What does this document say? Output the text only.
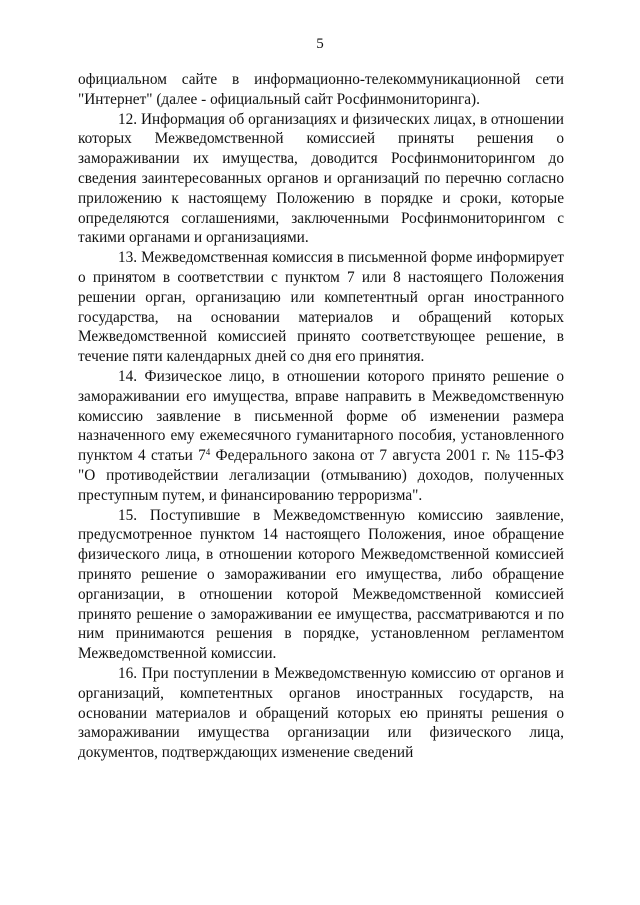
5

официальном сайте в информационно-телекоммуникационной сети "Интернет" (далее - официальный сайт Росфинмониторинга).

12. Информация об организациях и физических лицах, в отношении которых Межведомственной комиссией приняты решения о замораживании их имущества, доводится Росфинмониторингом до сведения заинтересованных органов и организаций по перечню согласно приложению к настоящему Положению в порядке и сроки, которые определяются соглашениями, заключенными Росфинмониторингом с такими органами и организациями.

13. Межведомственная комиссия в письменной форме информирует о принятом в соответствии с пунктом 7 или 8 настоящего Положения решении орган, организацию или компетентный орган иностранного государства, на основании материалов и обращений которых Межведомственной комиссией принято соответствующее решение, в течение пяти календарных дней со дня его принятия.

14. Физическое лицо, в отношении которого принято решение о замораживании его имущества, вправе направить в Межведомственную комиссию заявление в письменной форме об изменении размера назначенного ему ежемесячного гуманитарного пособия, установленного пунктом 4 статьи $7^4$ Федерального закона от 7 августа 2001 г. № 115-ФЗ "О противодействии легализации (отмыванию) доходов, полученных преступным путем, и финансированию терроризма".

15. Поступившие в Межведомственную комиссию заявление, предусмотренное пунктом 14 настоящего Положения, иное обращение физического лица, в отношении которого Межведомственной комиссией принято решение о замораживании его имущества, либо обращение организации, в отношении которой Межведомственной комиссией принято решение о замораживании ее имущества, рассматриваются и по ним принимаются решения в порядке, установленном регламентом Межведомственной комиссии.

16. При поступлении в Межведомственную комиссию от органов и организаций, компетентных органов иностранных государств, на основании материалов и обращений которых ею приняты решения о замораживании имущества организации или физического лица, документов, подтверждающих изменение сведений
